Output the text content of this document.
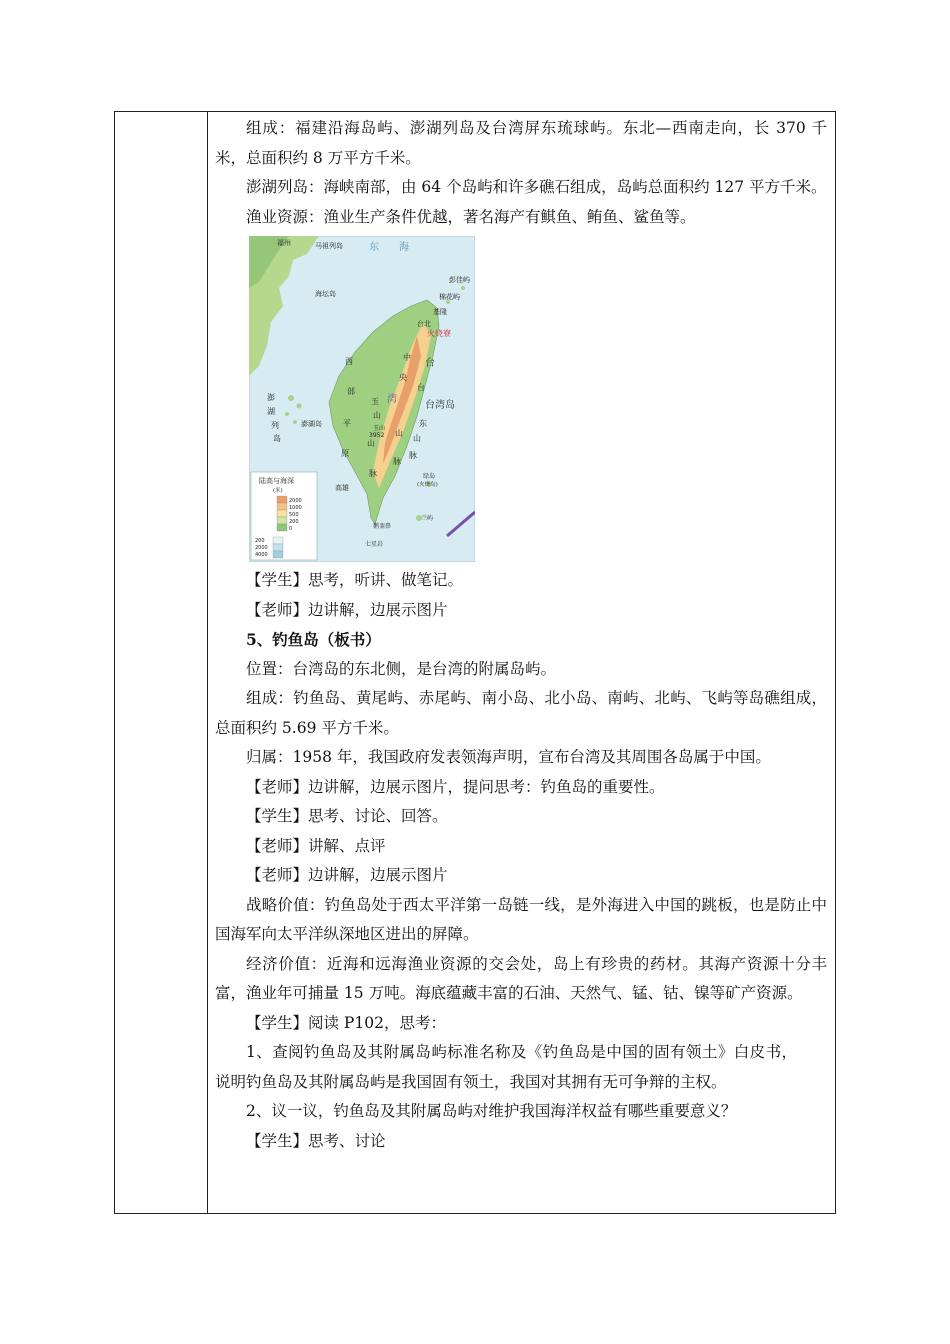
组成：福建沿海岛屿、澎湖列岛及台湾屏东琉球屿。东北—西南走向，长 370 千米，总面积约 8 万平方千米。

澎湖列岛：海峡南部，由 64 个岛屿和许多礁石组成，岛屿总面积约 127 平方千米。

渔业资源：渔业生产条件优越，著名海产有鲯鱼、鲔鱼、鲨鱼等。

福州	马祖列岛	东 海
海坛岛
彭佳屿
棉花屿
基隆
台北
火烧寮
台
台湾岛
湾
澎
湖
列
岛
澎湖岛
西
部
平
原
中
央
山
脉
玉
山
山
脉
台
东
山
脉
玉山
3952
绿岛
(火烧岛)
兰屿
高雄
鹅銮鼻
七星岩
陆高与海深
(米)
2000
1000
500
200
0
200
2000
4000

【学生】思考，听讲、做笔记。

【老师】边讲解，边展示图片

5、钓鱼岛（板书）

位置：台湾岛的东北侧，是台湾的附属岛屿。

组成：钓鱼岛、黄尾屿、赤尾屿、南小岛、北小岛、南屿、北屿、飞屿等岛礁组成，总面积约 5.69 平方千米。

归属：1958 年，我国政府发表领海声明，宣布台湾及其周围各岛属于中国。

【老师】边讲解，边展示图片，提问思考：钓鱼岛的重要性。

【学生】思考、讨论、回答。

【老师】讲解、点评

【老师】边讲解，边展示图片

战略价值：钓鱼岛处于西太平洋第一岛链一线，是外海进入中国的跳板，也是防止中国海军向太平洋纵深地区进出的屏障。

经济价值：近海和远海渔业资源的交会处，岛上有珍贵的药材。其海产资源十分丰富，渔业年可捕量 15 万吨。海底蕴藏丰富的石油、天然气、锰、钴、镍等矿产资源。

【学生】阅读 P102，思考：

1、查阅钓鱼岛及其附属岛屿标准名称及《钓鱼岛是中国的固有领土》白皮书，说明钓鱼岛及其附属岛屿是我国固有领土，我国对其拥有无可争辩的主权。

2、议一议，钓鱼岛及其附属岛屿对维护我国海洋权益有哪些重要意义？

【学生】思考、讨论
